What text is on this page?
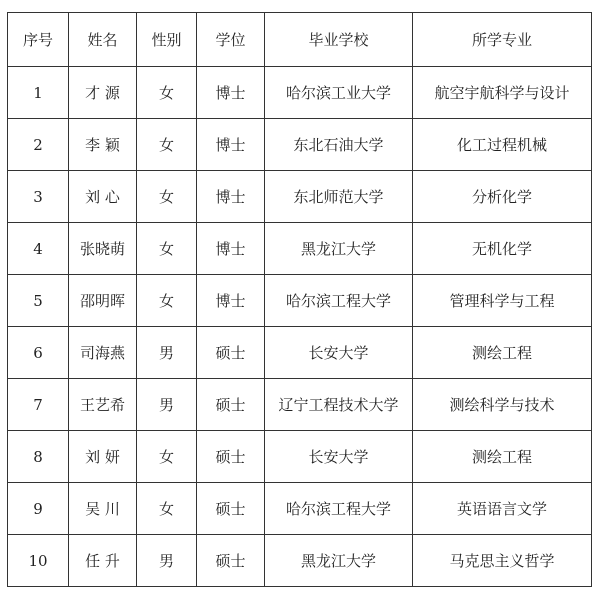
序号	姓名	性别	学位	毕业学校	所学专业
1	才 源	女	博士	哈尔滨工业大学	航空宇航科学与设计
2	李 颖	女	博士	东北石油大学	化工过程机械
3	刘 心	女	博士	东北师范大学	分析化学
4	张晓萌	女	博士	黑龙江大学	无机化学
5	邵明晖	女	博士	哈尔滨工程大学	管理科学与工程
6	司海燕	男	硕士	长安大学	测绘工程
7	王艺希	男	硕士	辽宁工程技术大学	测绘科学与技术
8	刘 妍	女	硕士	长安大学	测绘工程
9	吴 川	女	硕士	哈尔滨工程大学	英语语言文学
10	任 升	男	硕士	黑龙江大学	马克思主义哲学
